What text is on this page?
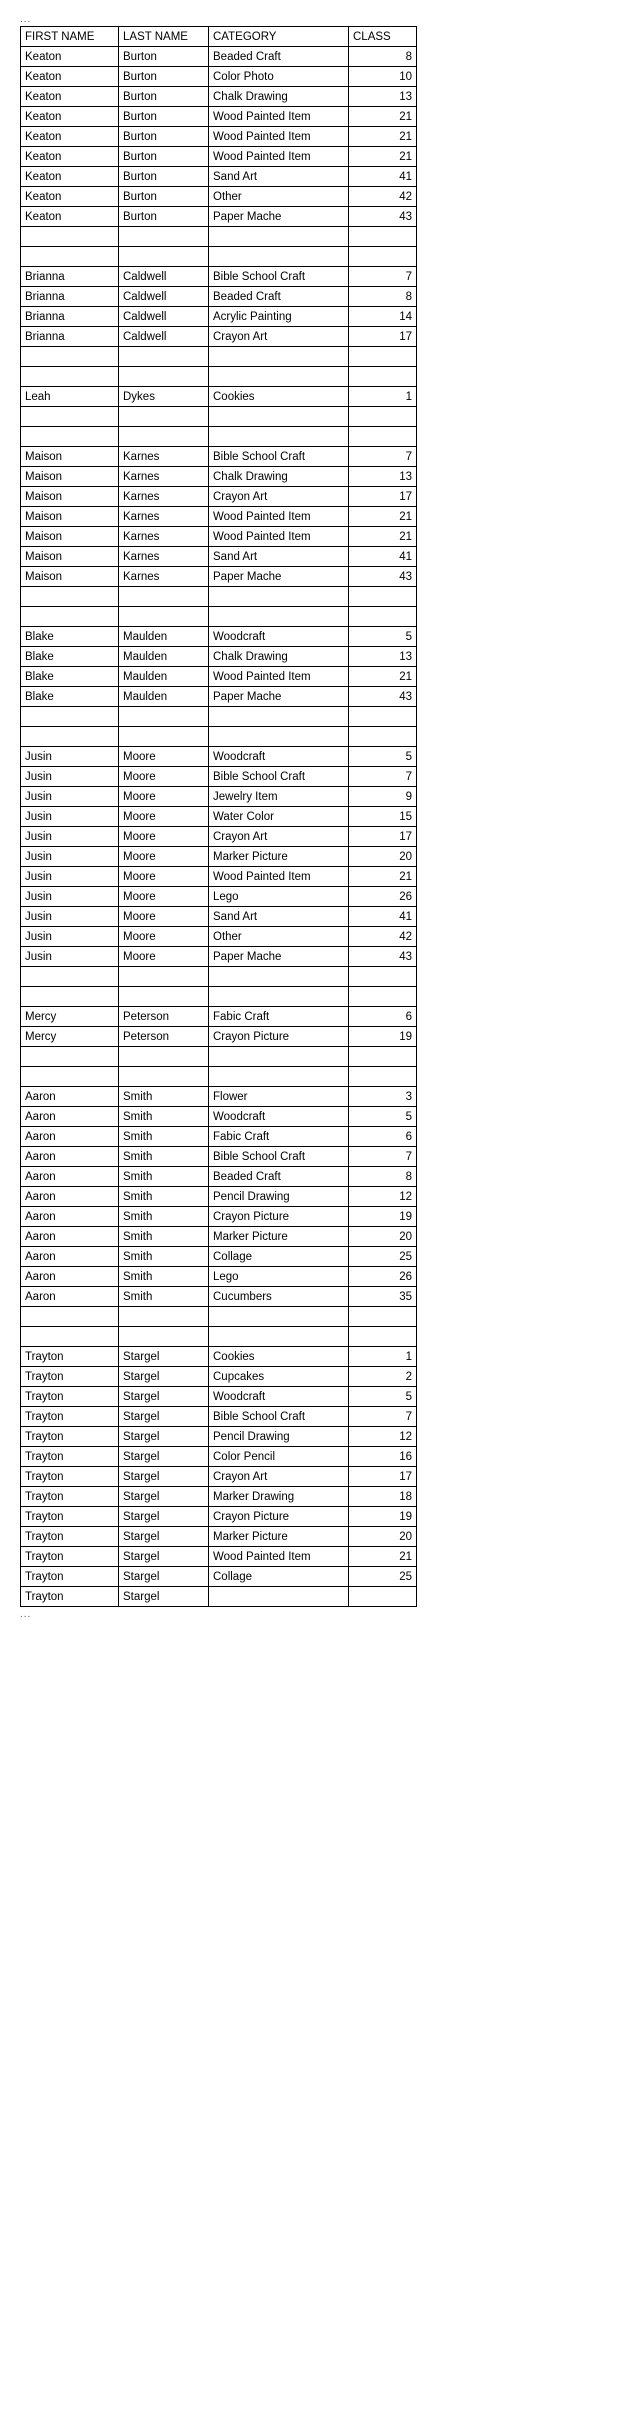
...
FIRST NAME	LAST NAME	CATEGORY	CLASS
Keaton	Burton	Beaded Craft	8
Keaton	Burton	Color Photo	10
Keaton	Burton	Chalk Drawing	13
Keaton	Burton	Wood Painted Item	21
Keaton	Burton	Wood Painted Item	21
Keaton	Burton	Wood Painted Item	21
Keaton	Burton	Sand Art	41
Keaton	Burton	Other	42
Keaton	Burton	Paper Mache	43

Brianna	Caldwell	Bible School Craft	7
Brianna	Caldwell	Beaded Craft	8
Brianna	Caldwell	Acrylic Painting	14
Brianna	Caldwell	Crayon Art	17

Leah	Dykes	Cookies	1

Maison	Karnes	Bible School Craft	7
Maison	Karnes	Chalk Drawing	13
Maison	Karnes	Crayon Art	17
Maison	Karnes	Wood Painted Item	21
Maison	Karnes	Wood Painted Item	21
Maison	Karnes	Sand Art	41
Maison	Karnes	Paper Mache	43

Blake	Maulden	Woodcraft	5
Blake	Maulden	Chalk Drawing	13
Blake	Maulden	Wood Painted Item	21
Blake	Maulden	Paper Mache	43

Jusin	Moore	Woodcraft	5
Jusin	Moore	Bible School Craft	7
Jusin	Moore	Jewelry Item	9
Jusin	Moore	Water Color	15
Jusin	Moore	Crayon Art	17
Jusin	Moore	Marker Picture	20
Jusin	Moore	Wood Painted Item	21
Jusin	Moore	Lego	26
Jusin	Moore	Sand Art	41
Jusin	Moore	Other	42
Jusin	Moore	Paper Mache	43

Mercy	Peterson	Fabic Craft	6
Mercy	Peterson	Crayon Picture	19

Aaron	Smith	Flower	3
Aaron	Smith	Woodcraft	5
Aaron	Smith	Fabic Craft	6
Aaron	Smith	Bible School Craft	7
Aaron	Smith	Beaded Craft	8
Aaron	Smith	Pencil Drawing	12
Aaron	Smith	Crayon Picture	19
Aaron	Smith	Marker Picture	20
Aaron	Smith	Collage	25
Aaron	Smith	Lego	26
Aaron	Smith	Cucumbers	35

Trayton	Stargel	Cookies	1
Trayton	Stargel	Cupcakes	2
Trayton	Stargel	Woodcraft	5
Trayton	Stargel	Bible School Craft	7
Trayton	Stargel	Pencil Drawing	12
Trayton	Stargel	Color Pencil	16
Trayton	Stargel	Crayon Art	17
Trayton	Stargel	Marker Drawing	18
Trayton	Stargel	Crayon Picture	19
Trayton	Stargel	Marker Picture	20
Trayton	Stargel	Wood Painted Item	21
Trayton	Stargel	Collage	25
Trayton	Stargel		
...
